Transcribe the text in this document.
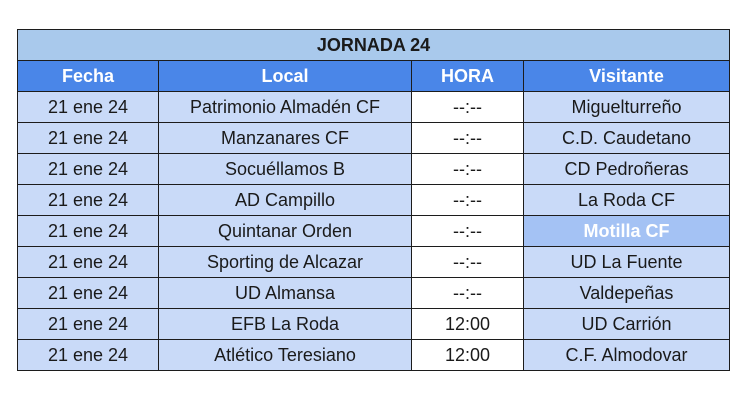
JORNADA 24			
Fecha	Local	HORA	Visitante
21 ene 24	Patrimonio Almadén CF	--:--	Miguelturreño
21 ene 24	Manzanares CF	--:--	C.D. Caudetano
21 ene 24	Socuéllamos B	--:--	CD Pedroñeras
21 ene 24	AD Campillo	--:--	La Roda CF
21 ene 24	Quintanar Orden	--:--	Motilla CF
21 ene 24	Sporting de Alcazar	--:--	UD La Fuente
21 ene 24	UD Almansa	--:--	Valdepeñas
21 ene 24	EFB La Roda	12:00	UD Carrión
21 ene 24	Atlético Teresiano	12:00	C.F. Almodovar
